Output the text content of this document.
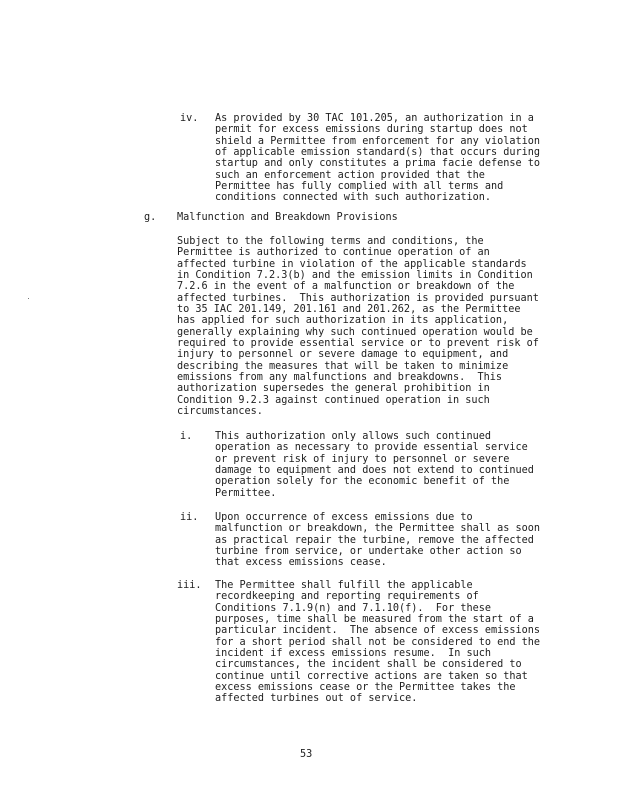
iv. As provided by 30 TAC 101.205, an authorization in a
permit for excess emissions during startup does not
shield a Permittee from enforcement for any violation
of applicable emission standard(s) that occurs during
startup and only constitutes a prima facie defense to
such an enforcement action provided that the
Permittee has fully complied with all terms and
conditions connected with such authorization.
g. Malfunction and Breakdown Provisions
Subject to the following terms and conditions, the
Permittee is authorized to continue operation of an
affected turbine in violation of the applicable standards
in Condition 7.2.3(b) and the emission limits in Condition
7.2.6 in the event of a malfunction or breakdown of the
affected turbines.  This authorization is provided pursuant
to 35 IAC 201.149, 201.161 and 201.262, as the Permittee
has applied for such authorization in its application,
generally explaining why such continued operation would be
required to provide essential service or to prevent risk of
injury to personnel or severe damage to equipment, and
describing the measures that will be taken to minimize
emissions from any malfunctions and breakdowns.  This
authorization supersedes the general prohibition in
Condition 9.2.3 against continued operation in such
circumstances.
i. This authorization only allows such continued
operation as necessary to provide essential service
or prevent risk of injury to personnel or severe
damage to equipment and does not extend to continued
operation solely for the economic benefit of the
Permittee.
ii. Upon occurrence of excess emissions due to
malfunction or breakdown, the Permittee shall as soon
as practical repair the turbine, remove the affected
turbine from service, or undertake other action so
that excess emissions cease.
iii. The Permittee shall fulfill the applicable
recordkeeping and reporting requirements of
Conditions 7.1.9(n) and 7.1.10(f).  For these
purposes, time shall be measured from the start of a
particular incident.  The absence of excess emissions
for a short period shall not be considered to end the
incident if excess emissions resume.  In such
circumstances, the incident shall be considered to
continue until corrective actions are taken so that
excess emissions cease or the Permittee takes the
affected turbines out of service.
53
